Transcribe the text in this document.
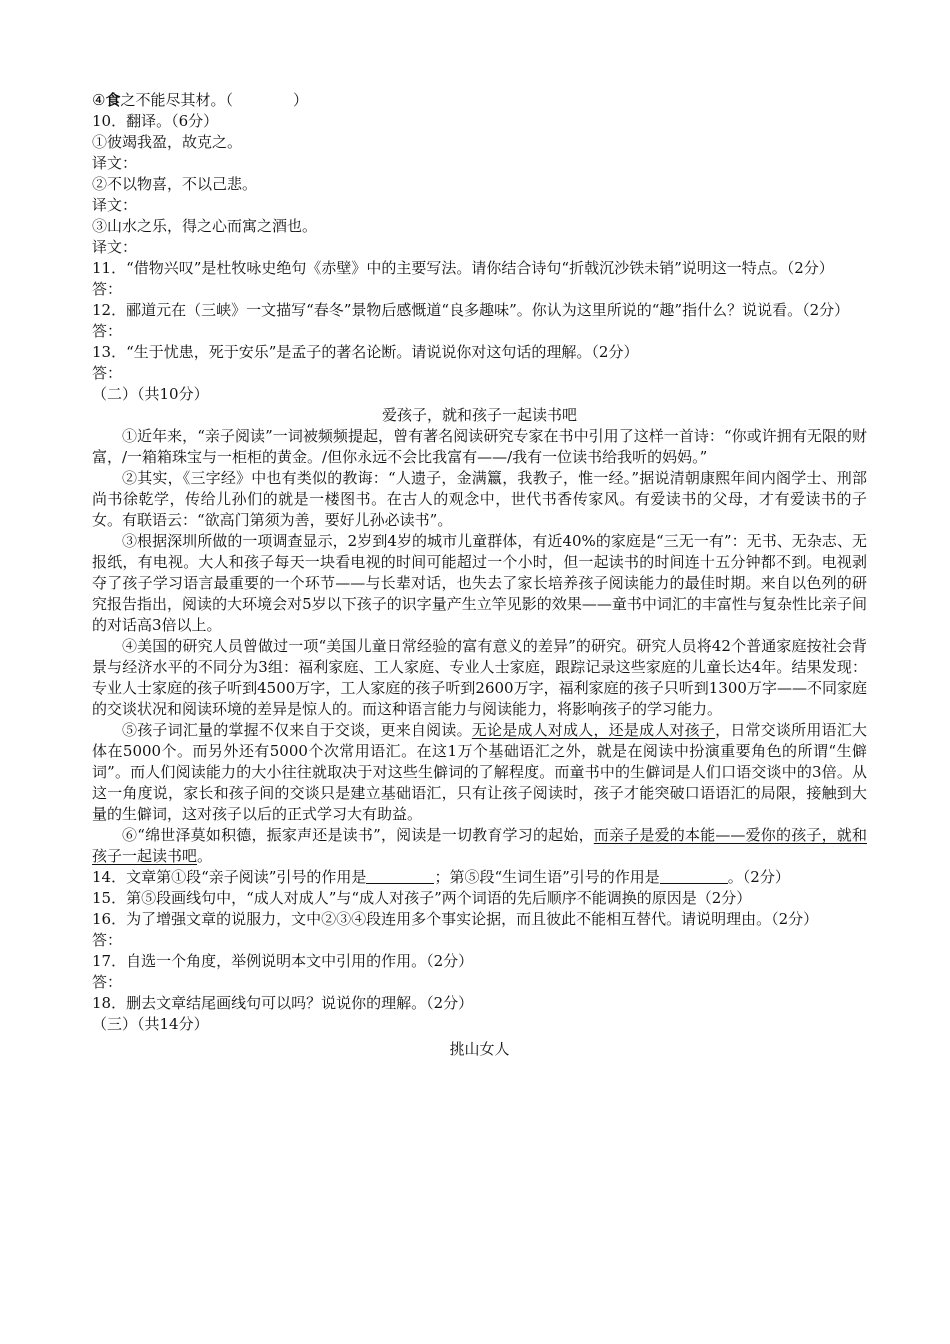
④食之不能尽其材。（　　　　）
10．翻译。（6分）
①彼竭我盈，故克之。
译文：
②不以物喜，不以己悲。
译文：
③山水之乐，得之心而寓之酒也。
译文：
11．“借物兴叹”是杜牧咏史绝句《赤壁》中的主要写法。请你结合诗句“折戟沉沙铁未销”说明这一特点。（2分）
答：
12．郦道元在（三峡》一文描写“春冬”景物后感慨道“良多趣味”。你认为这里所说的“趣”指什么？说说看。（2分）
答：
13．“生于忧患，死于安乐”是孟子的著名论断。请说说你对这句话的理解。（2分）
答：
（二）（共10分）
爱孩子，就和孩子一起读书吧
①近年来，“亲子阅读”一词被频频提起，曾有著名阅读研究专家在书中引用了这样一首诗：“你或许拥有无限的财富，/一箱箱珠宝与一柜柜的黄金。/但你永远不会比我富有——/我有一位读书给我听的妈妈。”
②其实，《三字经》中也有类似的教诲：“人遗子，金满籝，我教子，惟一经。”据说清朝康熙年间内阁学士、刑部尚书徐乾学，传给儿孙们的就是一楼图书。在古人的观念中，世代书香传家风。有爱读书的父母，才有爱读书的子女。有联语云：“欲高门第须为善，要好儿孙必读书”。
③根据深圳所做的一项调查显示，2岁到4岁的城市儿童群体，有近40%的家庭是“三无一有”：无书、无杂志、无报纸，有电视。大人和孩子每天一块看电视的时间可能超过一个小时，但一起读书的时间连十五分钟都不到。电视剥夺了孩子学习语言最重要的一个环节——与长辈对话，也失去了家长培养孩子阅读能力的最佳时期。来自以色列的研究报告指出，阅读的大环境会对5岁以下孩子的识字量产生立竿见影的效果——童书中词汇的丰富性与复杂性比亲子间的对话高3倍以上。
④美国的研究人员曾做过一项“美国儿童日常经验的富有意义的差异”的研究。研究人员将42个普通家庭按社会背景与经济水平的不同分为3组：福利家庭、工人家庭、专业人士家庭，跟踪记录这些家庭的儿童长达4年。结果发现：专业人士家庭的孩子听到4500万字，工人家庭的孩子听到2600万字，福利家庭的孩子只听到1300万字——不同家庭的交谈状况和阅读环境的差异是惊人的。而这种语言能力与阅读能力，将影响孩子的学习能力。
⑤孩子词汇量的掌握不仅来自于交谈，更来自阅读。无论是成人对成人，还是成人对孩子，日常交谈所用语汇大体在5000个。而另外还有5000个次常用语汇。在这1万个基础语汇之外，就是在阅读中扮演重要角色的所谓“生僻词”。而人们阅读能力的大小往往就取决于对这些生僻词的了解程度。而童书中的生僻词是人们口语交谈中的3倍。从这一角度说，家长和孩子间的交谈只是建立基础语汇，只有让孩子阅读时，孩子才能突破口语语汇的局限，接触到大量的生僻词，这对孩子以后的正式学习大有助益。
⑥“绵世泽莫如积德，振家声还是读书”，阅读是一切教育学习的起始，而亲子是爱的本能——爱你的孩子，就和孩子一起读书吧。
14．文章第①段“亲子阅读”引号的作用是	；第⑤段“生词生语”引号的作用是	。（2分）
15．第⑤段画线句中，“成人对成人”与“成人对孩子”两个词语的先后顺序不能调换的原因是（2分）
16．为了增强文章的说服力，文中②③④段连用多个事实论据，而且彼此不能相互替代。请说明理由。（2分）
答：
17．自选一个角度，举例说明本文中引用的作用。（2分）
答：
18．删去文章结尾画线句可以吗？说说你的理解。（2分）
（三）（共14分）
挑山女人
